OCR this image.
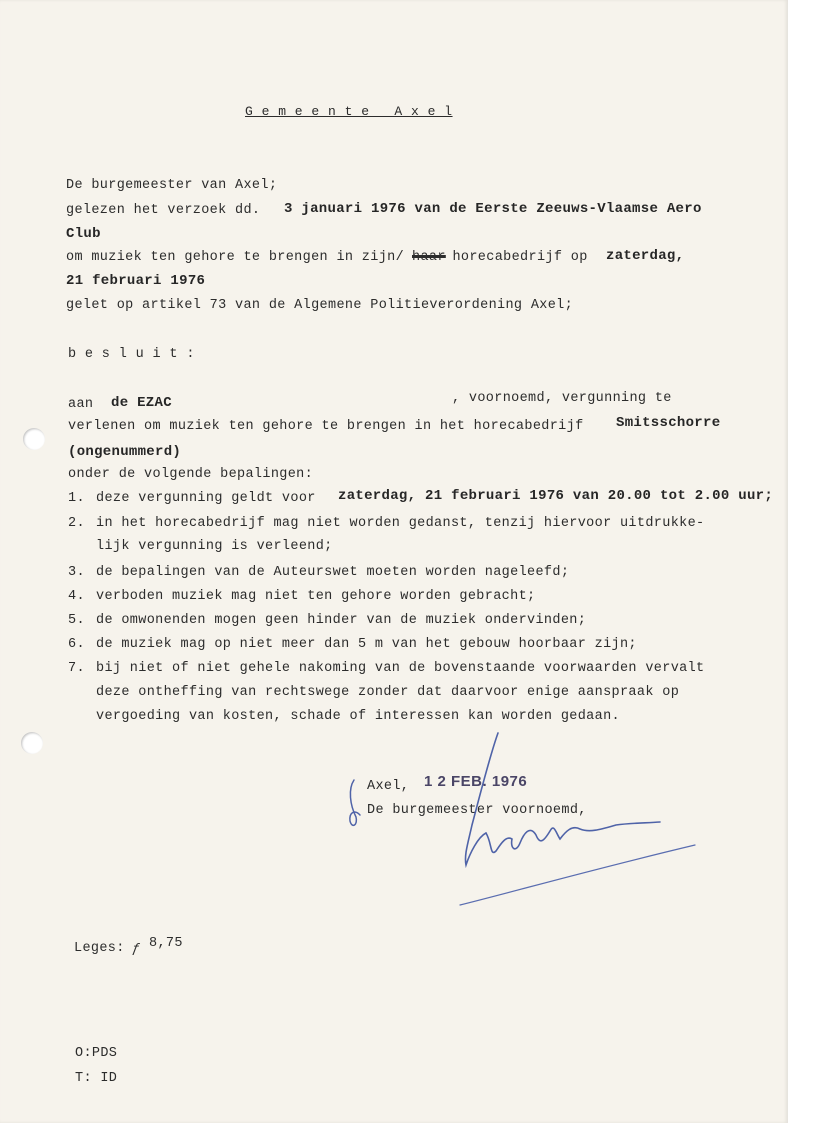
G e m e e n t e   A x e l

De burgemeester van Axel;

gelezen het verzoek dd. 3 januari 1976 van de Eerste Zeeuws-Vlaamse Aero

Club

om muziek ten gehore te brengen in zijn/ haar

horecabedrijf op zaterdag,

21 februari 1976

gelet op artikel 73 van de Algemene Politieverordening Axel;

b e s l u i t :

aan de EZAC	, voornoemd, vergunning te

verlenen om muziek ten gehore te brengen in het horecabedrijf Smitsschorre

(ongenummerd)

onder de volgende bepalingen:

1. deze vergunning geldt voor zaterdag, 21 februari 1976 van 20.00 tot 2.00 uur;

2. in het horecabedrijf mag niet worden gedanst, tenzij hiervoor uitdrukke-

lijk vergunning is verleend;

3. de bepalingen van de Auteurswet moeten worden nageleefd;

4. verboden muziek mag niet ten gehore worden gebracht;

5. de omwonenden mogen geen hinder van de muziek ondervinden;

6. de muziek mag op niet meer dan 5 m van het gebouw hoorbaar zijn;

7. bij niet of niet gehele nakoming van de bovenstaande voorwaarden vervalt

deze ontheffing van rechtswege zonder dat daarvoor enige aanspraak op

vergoeding van kosten, schade of interessen kan worden gedaan.

Axel, 1 2 FEB. 1976

De burgemeester voornoemd,

Leges: ƒ 8,75

O:PDS

T: ID
